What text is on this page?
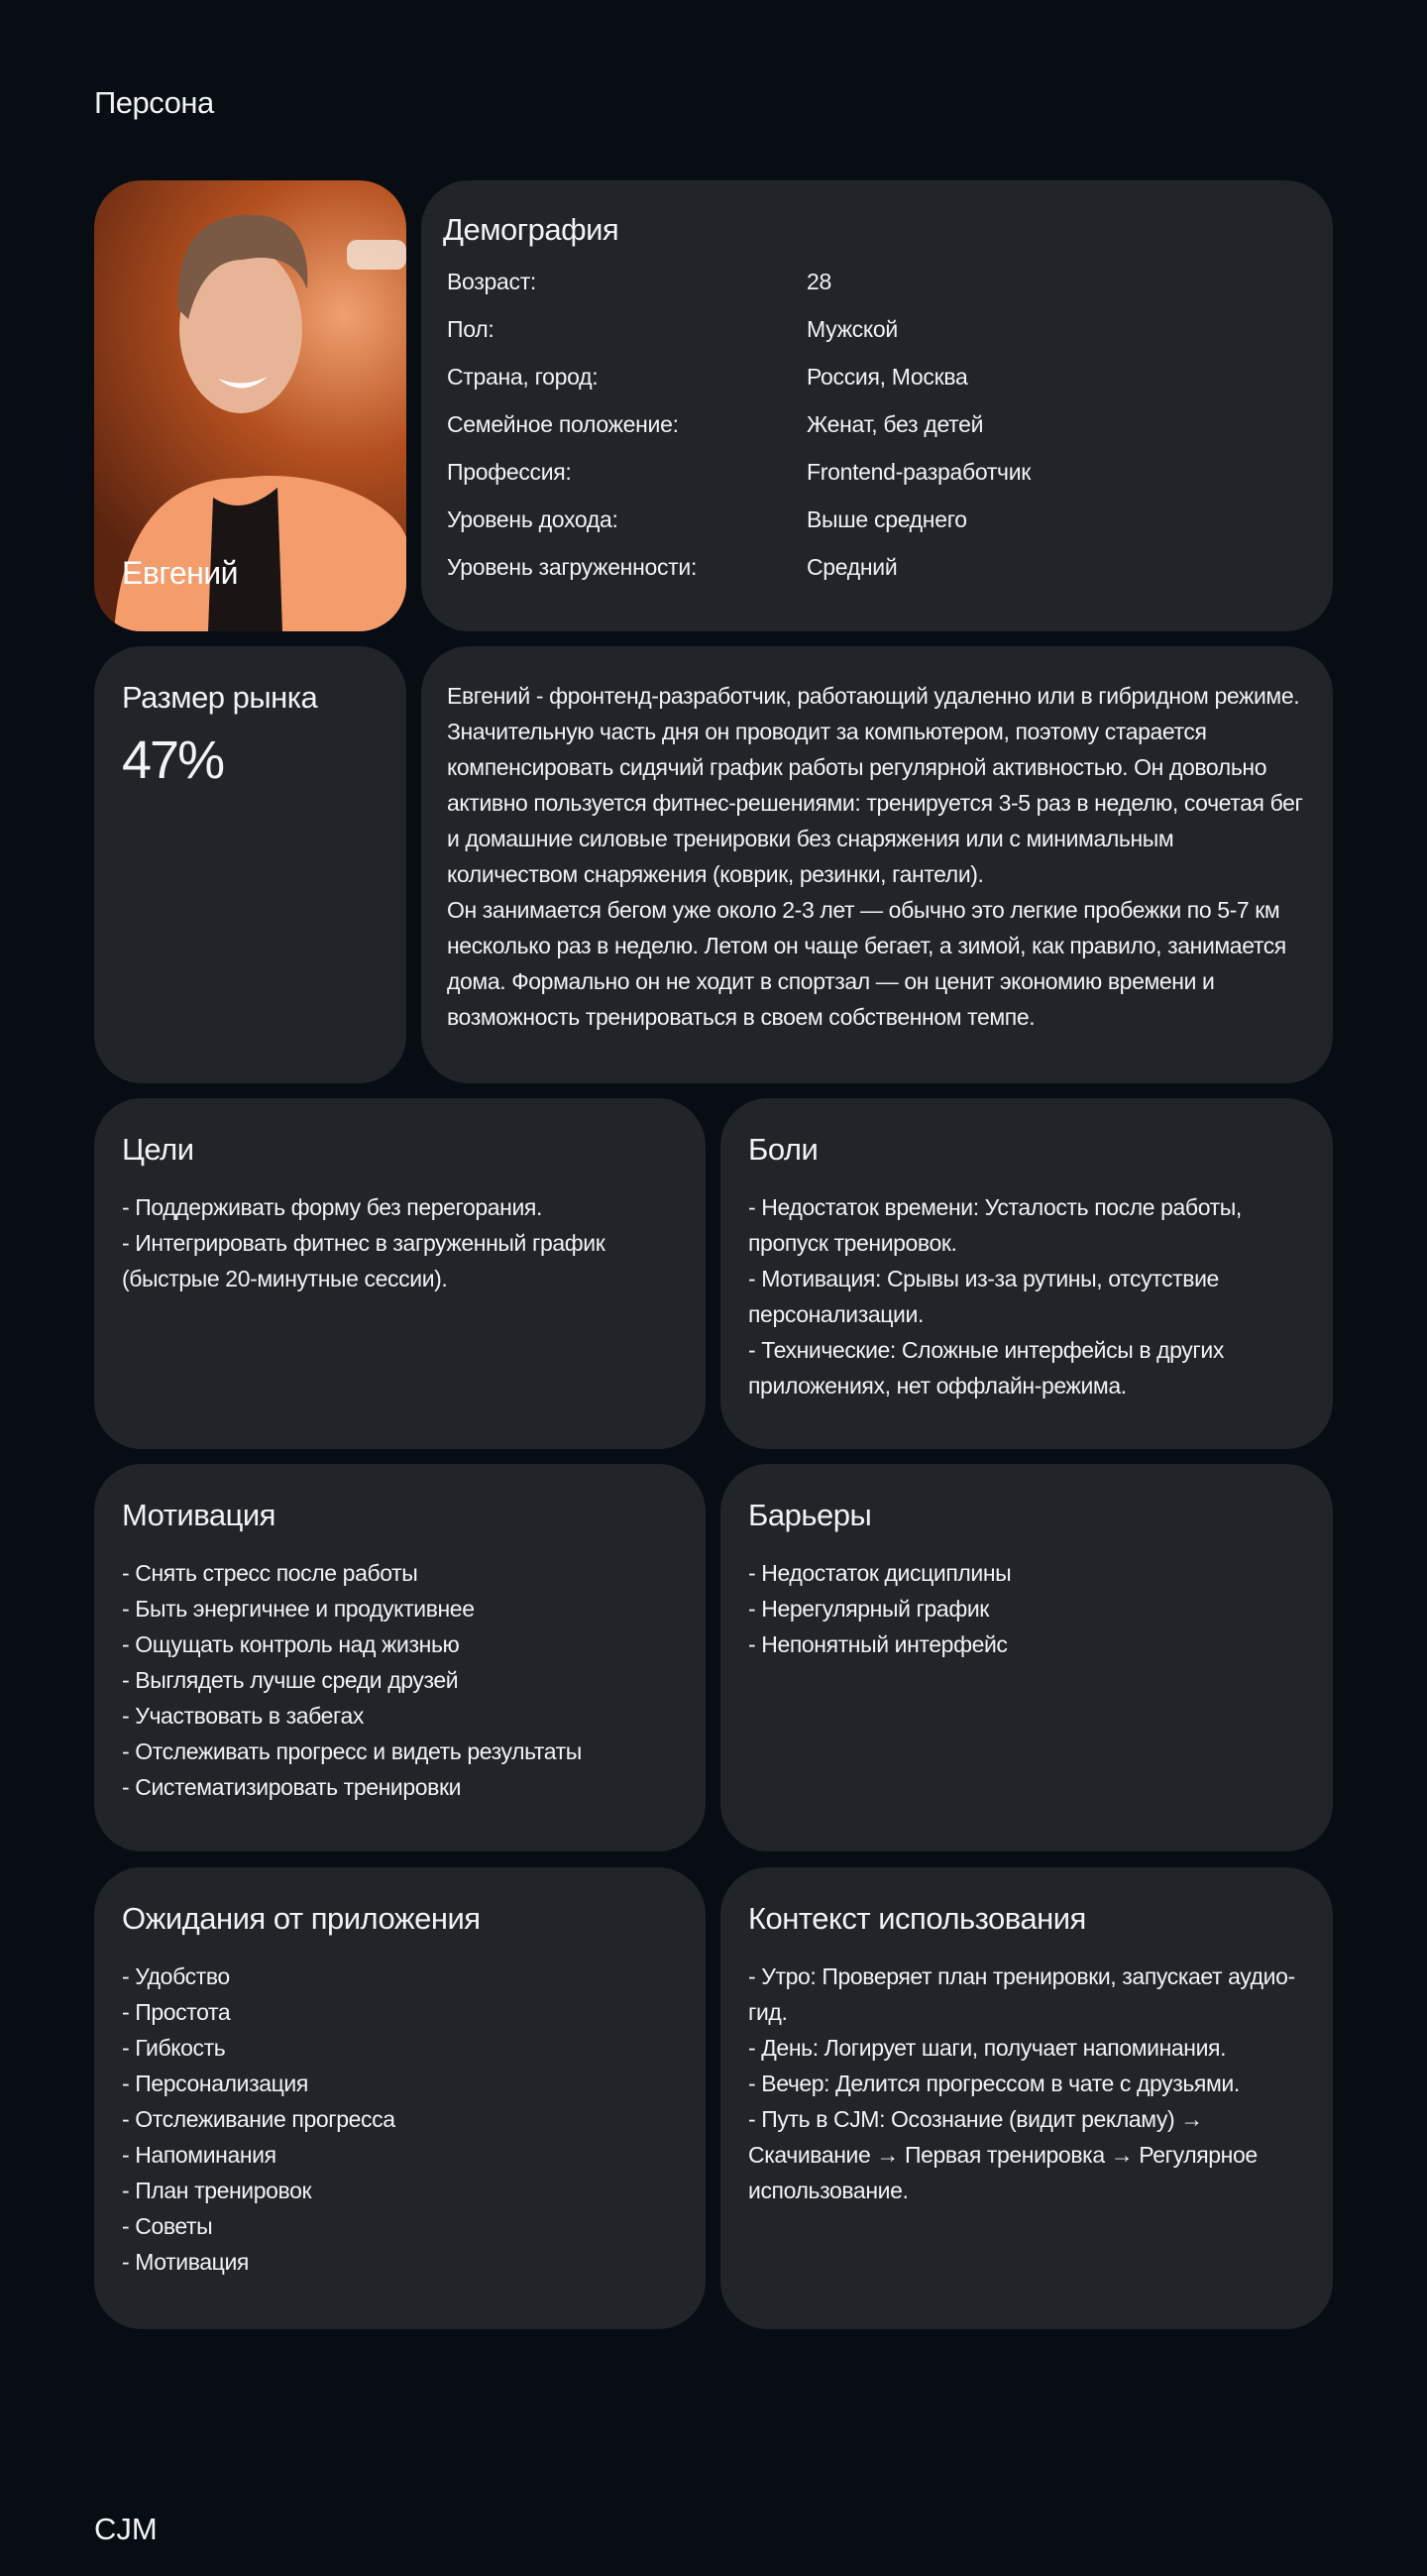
Персона
Евгений
Демография
Возраст:	28
Пол:	Мужской
Страна, город:	Россия, Москва
Семейное положение:	Женат, без детей
Профессия:	Frontend-разработчик
Уровень дохода:	Выше среднего
Уровень загруженности:	Средний
Размер рынка
47%
Евгений - фронтенд-разработчик, работающий удаленно или в гибридном режиме. Значительную часть дня он проводит за компьютером, поэтому старается компенсировать сидячий график работы регулярной активностью. Он довольно активно пользуется фитнес-решениями: тренируется 3-5 раз в неделю, сочетая бег и домашние силовые тренировки без снаряжения или с минимальным количеством снаряжения (коврик, резинки, гантели).
Он занимается бегом уже около 2-3 лет — обычно это легкие пробежки по 5-7 км несколько раз в неделю. Летом он чаще бегает, а зимой, как правило, занимается дома. Формально он не ходит в спортзал — он ценит экономию времени и возможность тренироваться в своем собственном темпе.
Цели
- Поддерживать форму без перегорания.
- Интегрировать фитнес в загруженный график (быстрые 20-минутные сессии).
Боли
- Недостаток времени: Усталость после работы, пропуск тренировок.
- Мотивация: Срывы из-за рутины, отсутствие персонализации.
- Технические: Сложные интерфейсы в других приложениях, нет оффлайн-режима.
Мотивация
- Снять стресс после работы
- Быть энергичнее и продуктивнее
- Ощущать контроль над жизнью
- Выглядеть лучше среди друзей
- Участвовать в забегах
- Отслеживать прогресс и видеть результаты
- Систематизировать тренировки
Барьеры
- Недостаток дисциплины
- Нерегулярный график
- Непонятный интерфейс
Ожидания от приложения
- Удобство
- Простота
- Гибкость
- Персонализация
- Отслеживание прогресса
- Напоминания
- План тренировок
- Советы
- Мотивация
Контекст использования
- Утро: Проверяет план тренировки, запускает аудио-гид.
- День: Логирует шаги, получает напоминания.
- Вечер: Делится прогрессом в чате с друзьями.
- Путь в CJM: Осознание (видит рекламу) → Скачивание → Первая тренировка → Регулярное использование.
CJM
